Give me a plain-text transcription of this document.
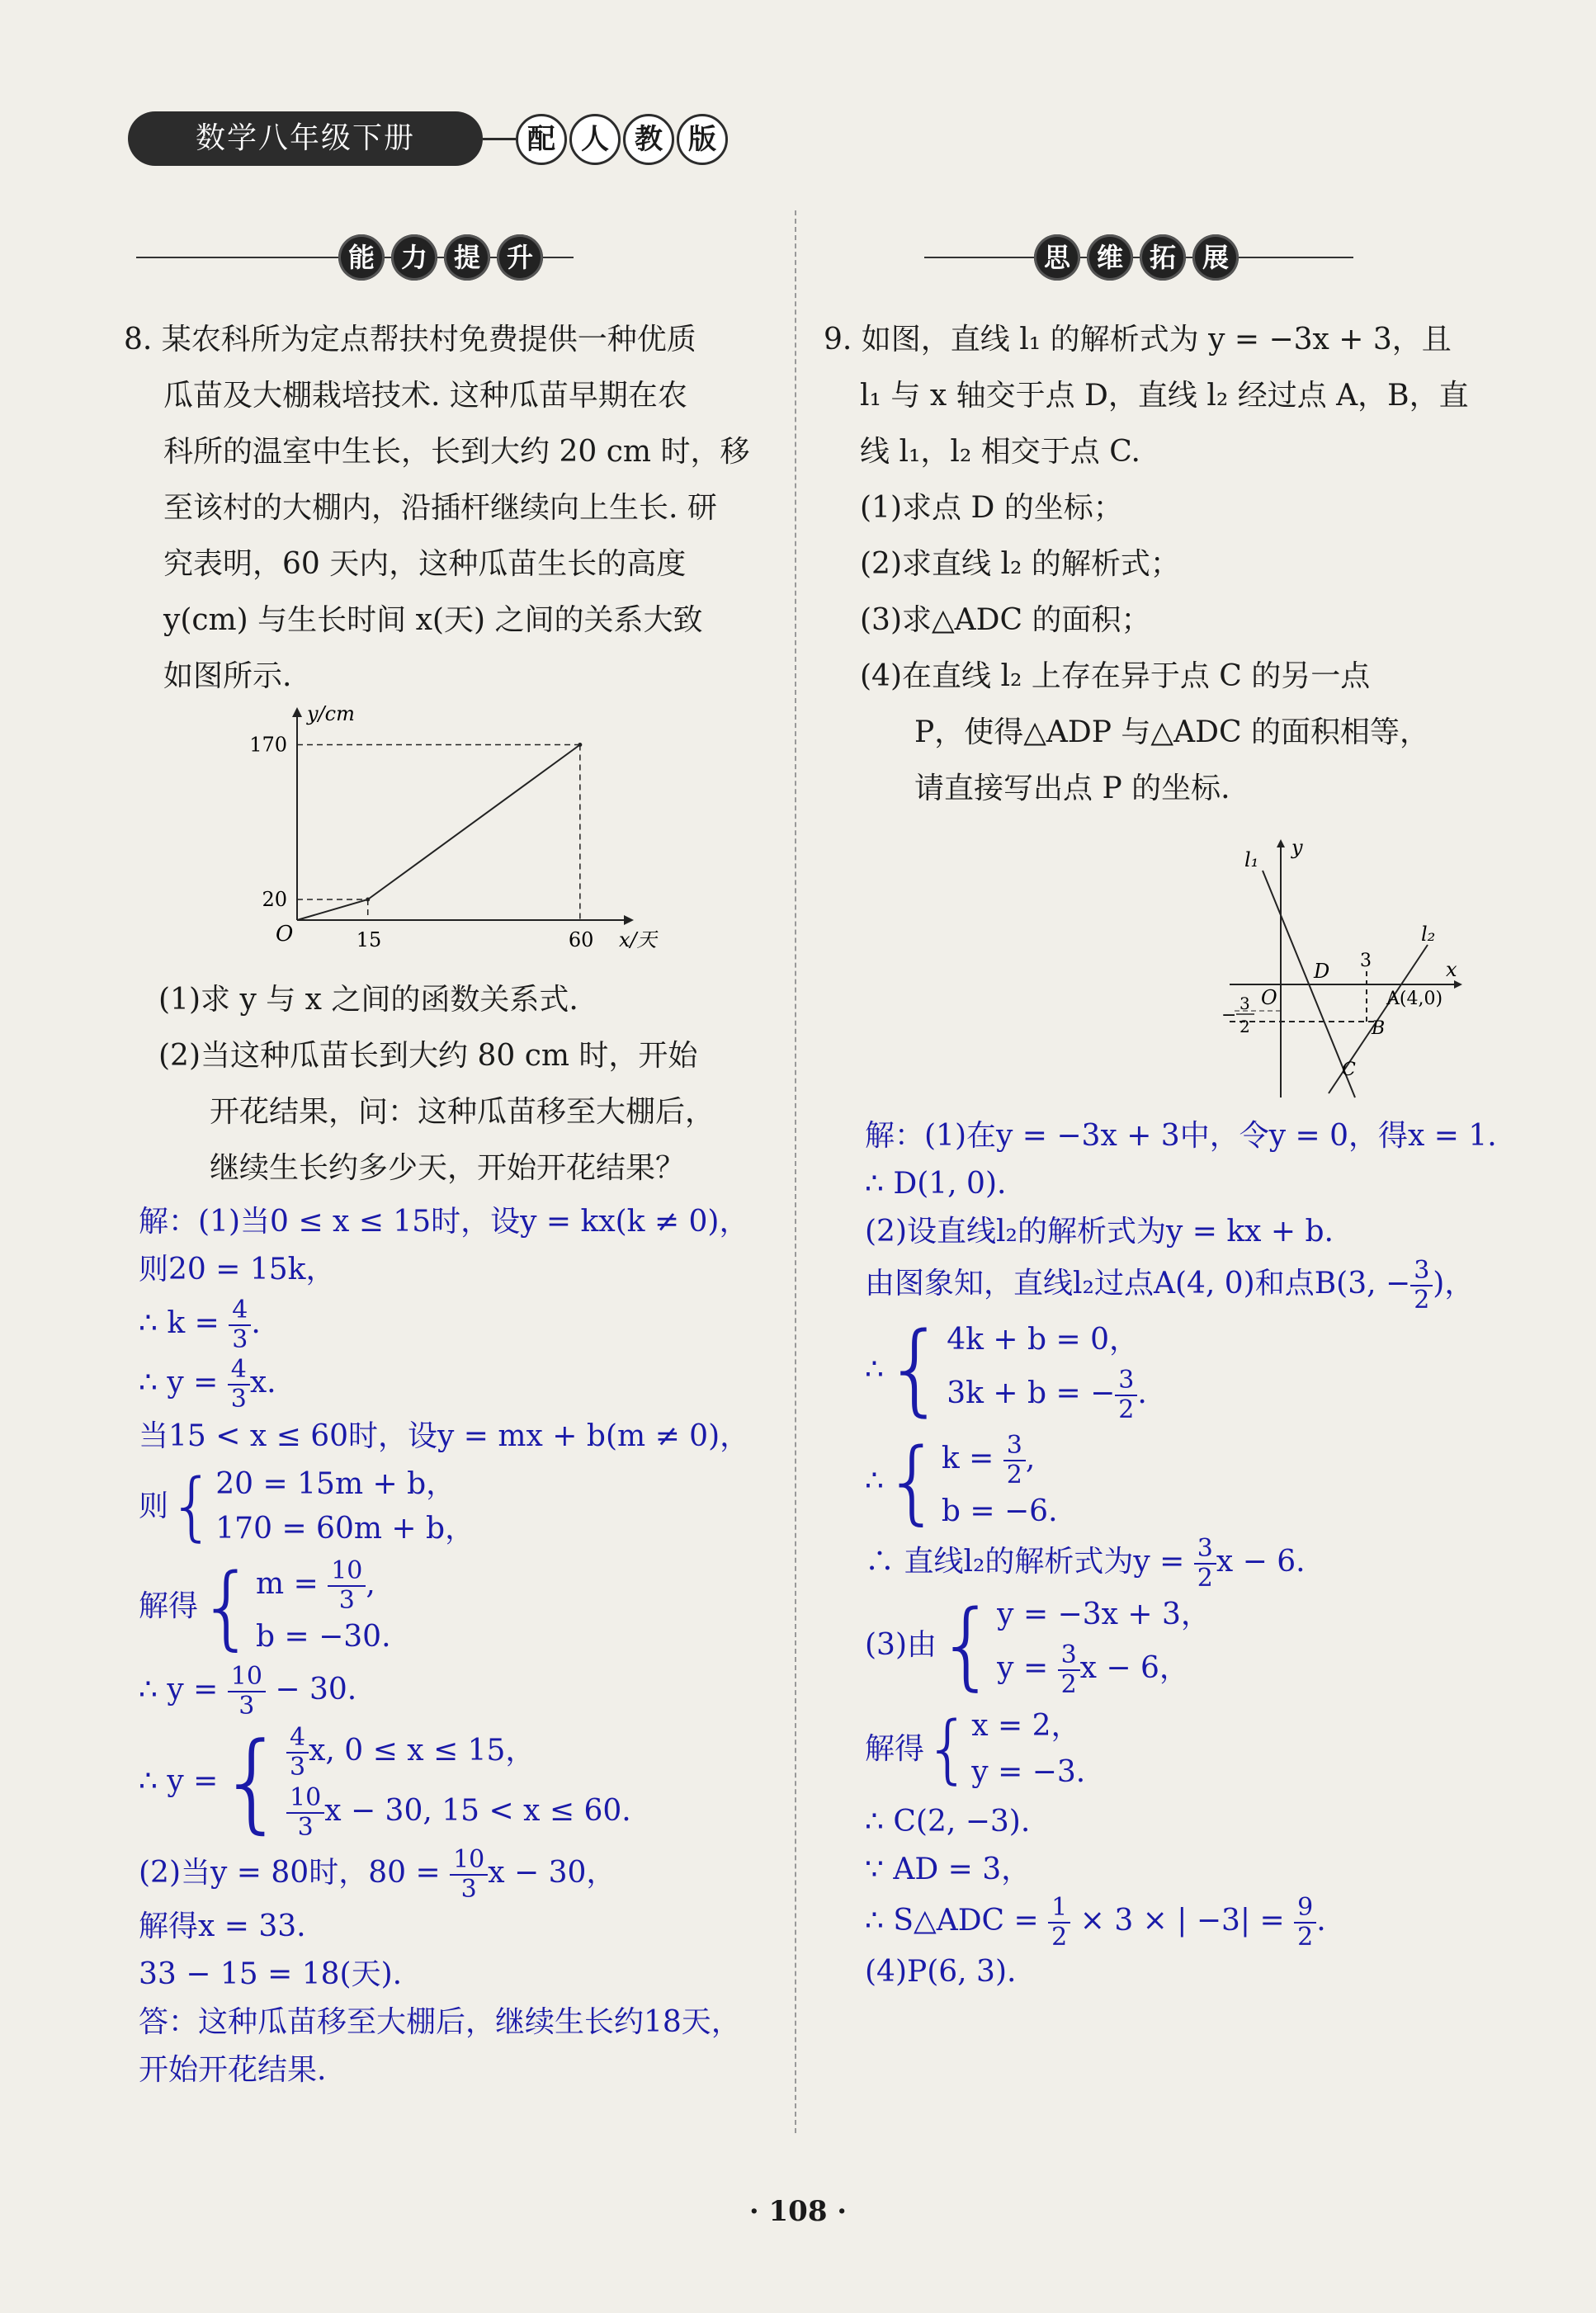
数学八年级下册	配 人 教 版
能 力 提 升	思 维 拓 展
8. 某农科所为定点帮扶村免费提供一种优质
瓜苗及大棚栽培技术. 这种瓜苗早期在农
科所的温室中生长，长到大约 20 cm 时，移
至该村的大棚内，沿插杆继续向上生长. 研
究表明，60 天内，这种瓜苗生长的高度
y(cm) 与生长时间 x(天) 之间的关系大致
如图所示.
y/cm
x/天
O	15	60
20
170
(1)求 y 与 x 之间的函数关系式.
(2)当这种瓜苗长到大约 80 cm 时，开始
开花结果，问：这种瓜苗移至大棚后，
继续生长约多少天，开始开花结果？
解：(1)当0 ≤ x ≤ 15时，设y = kx(k ≠ 0)，
则20 = 15k，
∴ $k = \frac{4}{3}$ .
∴ $y = \frac{4}{3} x$.
当15 < x ≤ 60时，设y = mx + b(m ≠ 0)，
则 { 20 = 15m + b，
170 = 60m + b，
解得 { $m = \frac{10}{3}$ ,
b = −30.
∴ $y = \frac{10}{3} - 30$.
∴ y = { $\frac{4}{3} x$, 0 ≤ x ≤ 15，
$\frac{10}{3}$ x − 30, 15 < x ≤ 60.
(2)当y = 80时，$80 = \frac{10}{3}$ x − 30，
解得x = 33.
33 − 15 = 18(天).
答：这种瓜苗移至大棚后，继续生长约18天，
开始开花结果.
9. 如图，直线 l₁ 的解析式为 y = −3x + 3，且
l₁ 与 x 轴交于点 D，直线 l₂ 经过点 A，B，直
线 l₁，l₂ 相交于点 C.
(1)求点 D 的坐标；
(2)求直线 l₂ 的解析式；
(3)求△ADC 的面积；
(4)在直线 l₂ 上存在异于点 C 的另一点
P，使得△ADP 与△ADC 的面积相等，
请直接写出点 P 的坐标.
l₁
l₂
y
x
O
D 3
A(4,0)
B
C
−
3
2
解：(1)在y = −3x + 3中，令y = 0，得x = 1.
∴ D(1, 0).
(2)设直线l₂的解析式为y = kx + b.
由图象知，直线l₂过点A(4, 0)和点B(3, − $\frac{3}{2}$ )，
∴ { 4k + b = 0，
3k + b = − $\frac{3}{2}$ .
∴ { $k = \frac{3}{2}$ ,
b = −6.
∴ 直线l₂的解析式为$y = \frac{3}{2}$ x − 6.
(3)由 { y = −3x + 3，
$y = \frac{3}{2}$ x − 6，
解得 { x = 2，
y = −3.
∴ C(2, −3).
∵ AD = 3，
∴ S△ADC = $\frac{1}{2} \times 3$ × | $-3| = \frac{9}{2}$ .
(4)P(6, 3).
· 108 ·
